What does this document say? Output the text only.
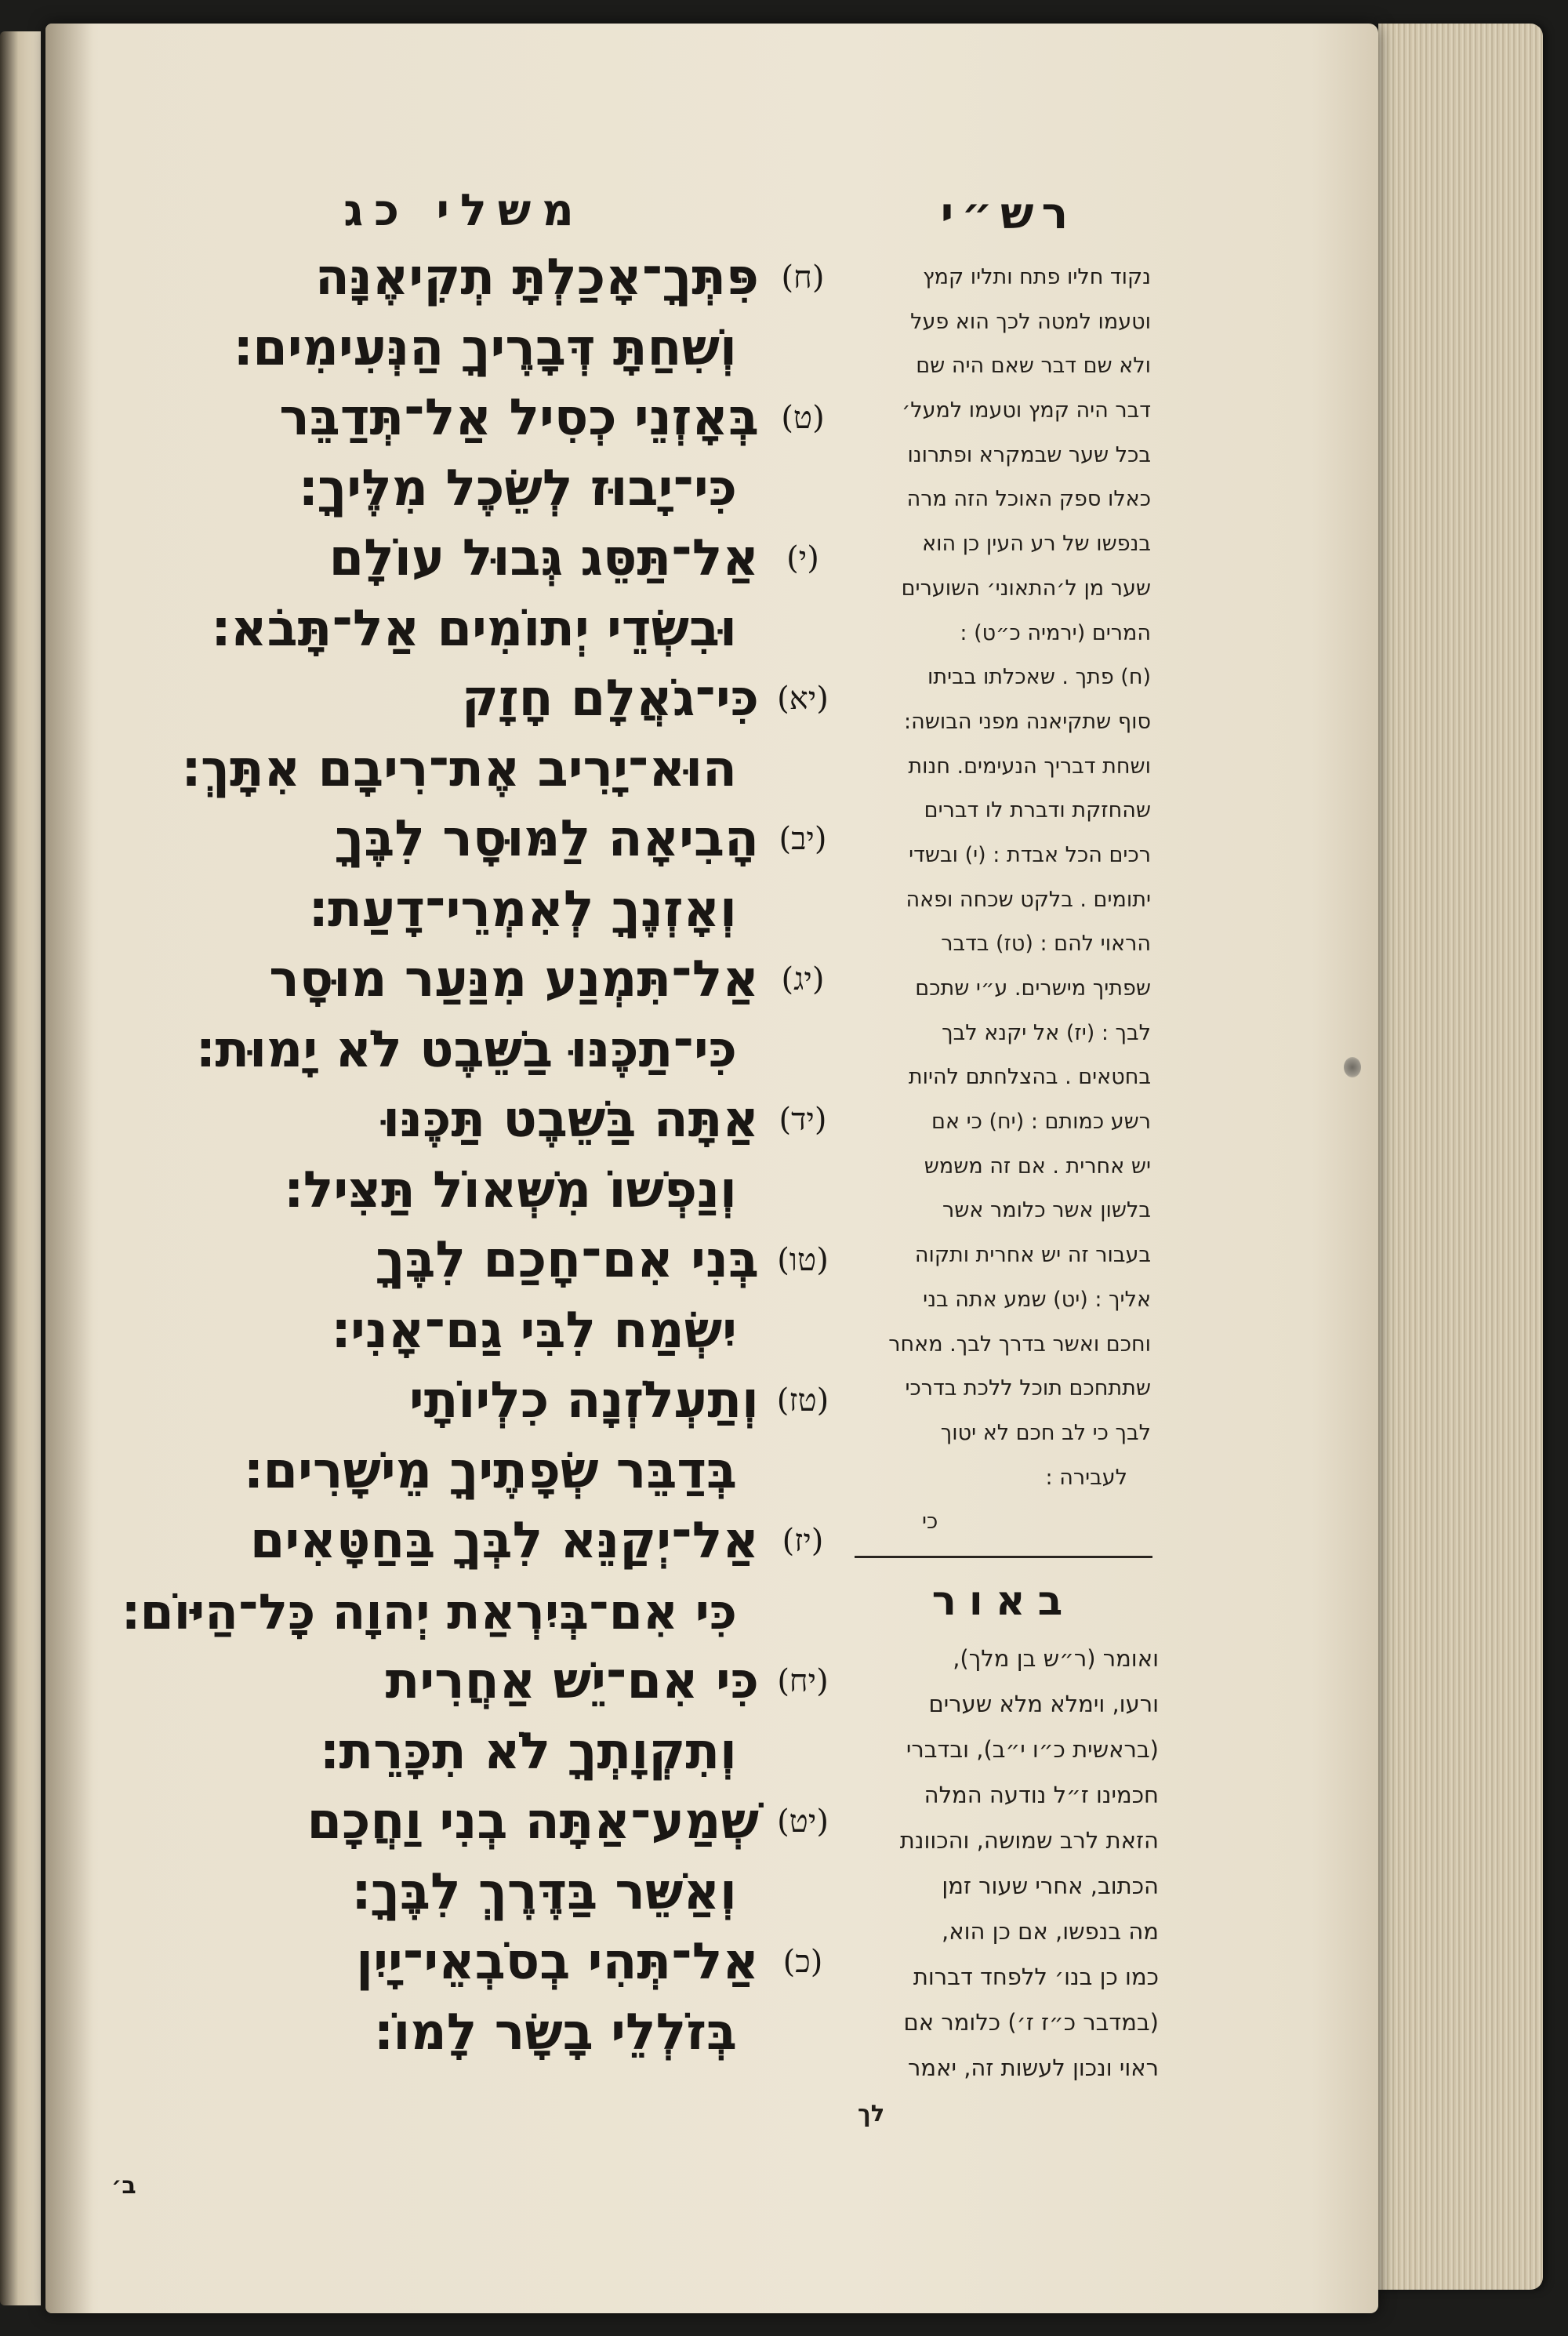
משלי כג	רש״י
(ח)
פִּתְּךָ־אָכַלְתָּ תְקִיאֶנָּה
וְשִׁחַתָּ דְּבָרֶיךָ הַנְּעִימִים׃
(ט)
בְּאָזְנֵי כְסִיל אַל־תְּדַבֵּר
כִּי־יָבוּז לְשֵׂכֶל מִלֶּיךָ׃
(י)
אַל־תַּסֵּג גְּבוּל עוֹלָם
וּבִשְׂדֵי יְתוֹמִים אַל־תָּבֹא׃
(יא)
כִּי־גֹאֲלָם חָזָק
הוּא־יָרִיב אֶת־רִיבָם אִתָּךְ׃
(יב)
הָבִיאָה לַמּוּסָר לִבֶּךָ
וְאָזְנֶךָ לְאִמְרֵי־דָעַת׃
(יג)
אַל־תִּמְנַע מִנַּעַר מוּסָר
כִּי־תַכֶּנּוּ בַשֵּׁבֶט לֹא יָמוּת׃
(יד)
אַתָּה בַּשֵּׁבֶט תַּכֶּנּוּ
וְנַפְשׁוֹ מִשְּׁאוֹל תַּצִּיל׃
(טו)
בְּנִי אִם־חָכַם לִבֶּךָ
יִשְׂמַח לִבִּי גַם־אָנִי׃
(טז)
וְתַעְלֹזְנָה כִלְיוֹתָי
בְּדַבֵּר שְׂפָתֶיךָ מֵישָׁרִים׃
(יז)
אַל־יְקַנֵּא לִבְּךָ בַּחַטָּאִים
כִּי אִם־בְּיִרְאַת יְהוָה כָּל־הַיּוֹם׃
(יח)
כִּי אִם־יֵשׁ אַחֲרִית
וְתִקְוָתְךָ לֹא תִכָּרֵת׃
(יט)
שְׁמַע־אַתָּה בְנִי וַחֲכָם
וְאַשֵּׁר בַּדֶּרֶךְ לִבֶּךָ׃
(כ)
אַל־תְּהִי בְסֹבְאֵי־יָיִן
בְּזֹלְלֵי בָשָׂר לָמוֹ׃
נקוד חליו פתח ותליו קמץ
וטעמו למטה לכך הוא פעל
ולא שם דבר שאם היה שם
דבר היה קמץ וטעמו למעל׳
בכל שער שבמקרא ופתרונו
כאלו ספק האוכל הזה מרה
בנפשו של רע העין כן הוא
שער מן ל׳התאוני׳ השוערים
המרים (ירמיה כ״ט) :
(ח) פתך . שאכלתו בביתו
סוף שתקיאנה מפני הבושה:
ושחת דבריך הנעימים. חנות
שהחזקת ודברת לו דברים
רכים הכל אבדת : (י) ובשדי
יתומים . בלקט שכחה ופאה
הראוי להם : (טז) בדבר
שפתיך מישרים. ע״י שתכם
לבך : (יז) אל יקנא לבך
בחטאים . בהצלחתם להיות
רשע כמותם : (יח) כי אם
יש אחרית . אם זה משמש
בלשון אשר כלומר אשר
בעבור זה יש אחרית ותקוה
אליך : (יט) שמע אתה בני
וחכם ואשר בדרך לבך. מאחר
שתתחכם תוכל ללכת בדרכי
לבך כי לב חכם לא יטוך
לעבירה :
כי
באור
ואומר (ר״ש בן מלך),
ורעו, וימלא מלא שערים
(בראשית כ״ו י״ב), ובדברי
חכמינו ז״ל נודעה המלה
הזאת לרב שמושה, והכוונת
הכתוב, אחרי שעור זמן
מה בנפשו, אם כן הוא,
כמו כן בנו׳ ללפחד דברות
(במדבר כ״ז ז׳) כלומר אם
ראוי ונכון לעשות זה, יאמר
לך
ב׳
